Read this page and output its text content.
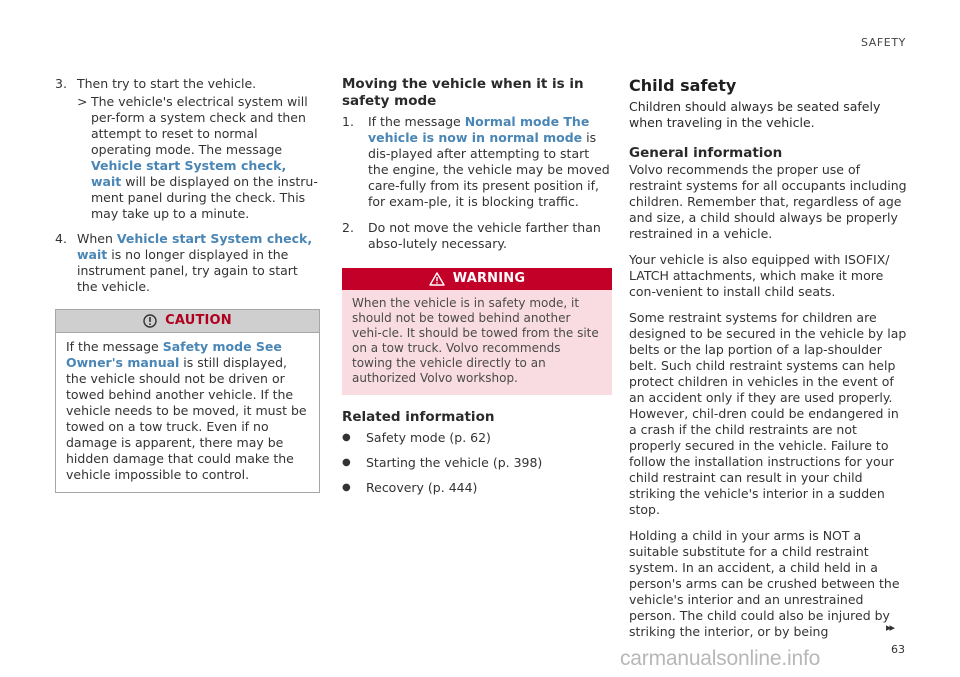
SAFETY
3. Then try to start the vehicle.
> The vehicle's electrical system will per-form a system check and then attempt to reset to normal operating mode. The message Vehicle start System check, wait will be displayed on the instru-ment panel during the check. This may take up to a minute.
4. When Vehicle start System check, wait is no longer displayed in the instrument panel, try again to start the vehicle.
CAUTION
If the message Safety mode See Owner's manual is still displayed, the vehicle should not be driven or towed behind another vehicle. If the vehicle needs to be moved, it must be towed on a tow truck. Even if no damage is apparent, there may be hidden damage that could make the vehicle impossible to control.
Moving the vehicle when it is in safety mode
1.	If the message Normal mode The vehicle is now in normal mode is dis-played after attempting to start the engine, the vehicle may be moved care-fully from its present position if, for exam-ple, it is blocking traffic.
2.	Do not move the vehicle farther than abso-lutely necessary.
WARNING
When the vehicle is in safety mode, it should not be towed behind another vehi-cle. It should be towed from the site on a tow truck. Volvo recommends towing the vehicle directly to an authorized Volvo workshop.
Related information
●	Safety mode (p. 62)
●	Starting the vehicle (p. 398)
●	Recovery (p. 444)
Child safety

Children should always be seated safely when traveling in the vehicle.

General information

Volvo recommends the proper use of restraint systems for all occupants including children. Remember that, regardless of age and size, a child should always be properly restrained in a vehicle.

Your vehicle is also equipped with ISOFIX/ LATCH attachments, which make it more con-venient to install child seats.

Some restraint systems for children are designed to be secured in the vehicle by lap belts or the lap portion of a lap-shoulder belt. Such child restraint systems can help protect children in vehicles in the event of an accident only if they are used properly. However, chil-dren could be endangered in a crash if the child restraints are not properly secured in the vehicle. Failure to follow the installation instructions for your child restraint can result in your child striking the vehicle's interior in a sudden stop.

Holding a child in your arms is NOT a suitable substitute for a child restraint system. In an accident, a child held in a person's arms can be crushed between the vehicle's interior and an unrestrained person. The child could also be injured by striking the interior, or by being	▸▸
63
carmanualsonline.info
